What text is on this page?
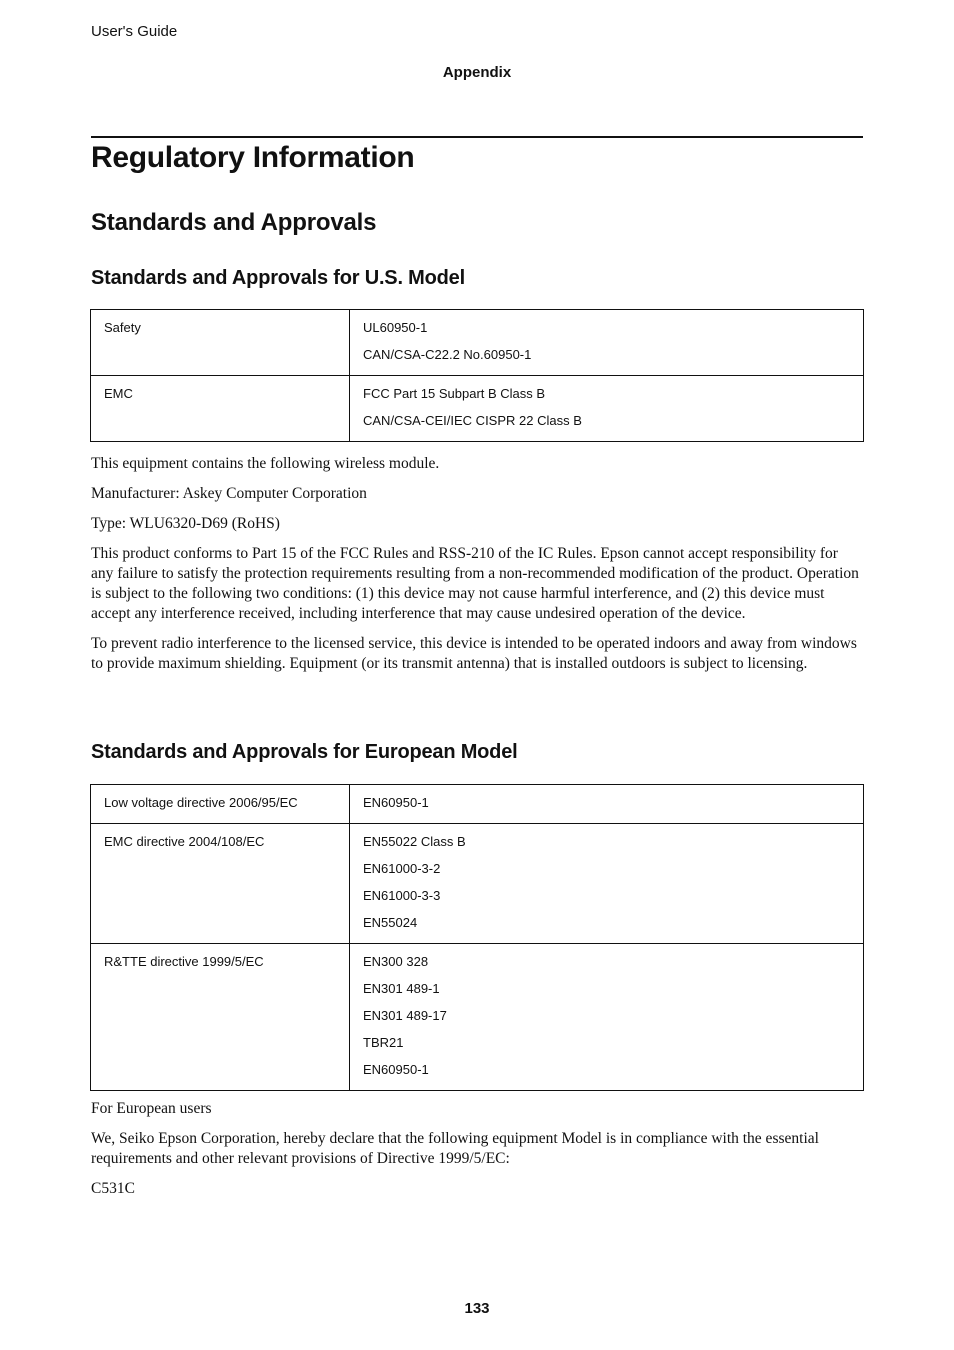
User's Guide
Appendix
Regulatory Information
Standards and Approvals
Standards and Approvals for U.S. Model
Safety	UL60950-1
CAN/CSA-C22.2 No.60950-1

EMC	FCC Part 15 Subpart B Class B
CAN/CSA-CEI/IEC CISPR 22 Class B

This equipment contains the following wireless module.

Manufacturer: Askey Computer Corporation

Type: WLU6320-D69 (RoHS)

This product conforms to Part 15 of the FCC Rules and RSS-210 of the IC Rules. Epson cannot accept responsibility for any failure to satisfy the protection requirements resulting from a non-recommended modification of the product. Operation is subject to the following two conditions: (1) this device may not cause harmful interference, and (2) this device must accept any interference received, including interference that may cause undesired operation of the device.

To prevent radio interference to the licensed service, this device is intended to be operated indoors and away from windows to provide maximum shielding. Equipment (or its transmit antenna) that is installed outdoors is subject to licensing.

Standards and Approvals for European Model
Low voltage directive 2006/95/EC	EN60950-1

EMC directive 2004/108/EC	EN55022 Class B
EN61000-3-2
EN61000-3-3
EN55024

R&TTE directive 1999/5/EC	EN300 328
EN301 489-1
EN301 489-17
TBR21
EN60950-1

For European users

We, Seiko Epson Corporation, hereby declare that the following equipment Model is in compliance with the essential requirements and other relevant provisions of Directive 1999/5/EC:

C531C

133
